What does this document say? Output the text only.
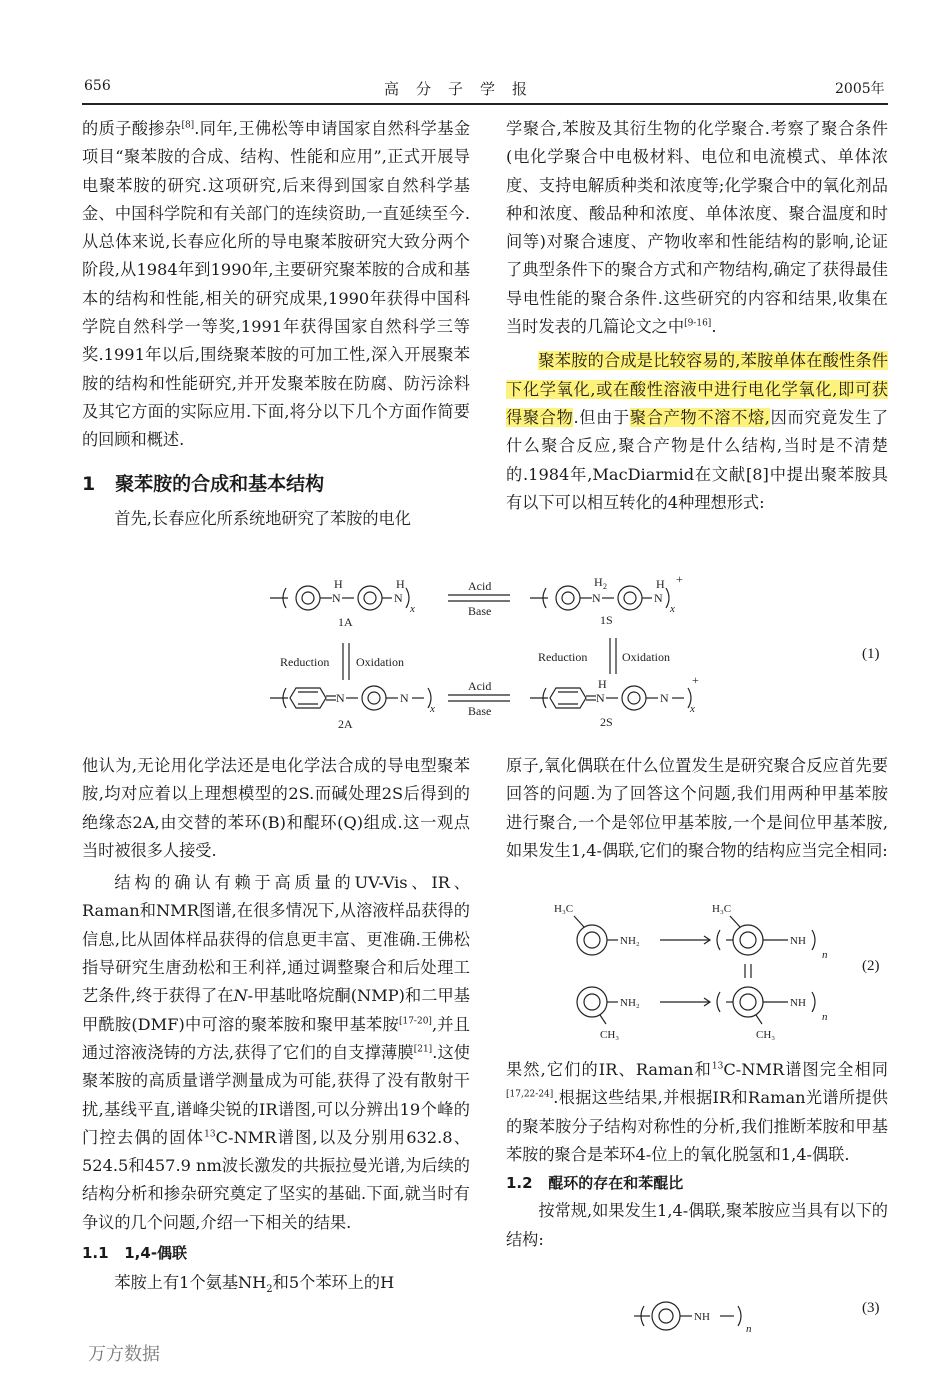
656	高　分　子　学　报	2005年

的质子酸掺杂[8].同年,王佛松等申请国家自然科学基金项目“聚苯胺的合成、结构、性能和应用”,正式开展导电聚苯胺的研究.这项研究,后来得到国家自然科学基金、中国科学院和有关部门的连续资助,一直延续至今.从总体来说,长春应化所的导电聚苯胺研究大致分两个阶段,从1984年到1990年,主要研究聚苯胺的合成和基本的结构和性能,相关的研究成果,1990年获得中国科学院自然科学一等奖,1991年获得国家自然科学三等奖.1991年以后,围绕聚苯胺的可加工性,深入开展聚苯胺的结构和性能研究,并开发聚苯胺在防腐、防污涂料及其它方面的实际应用.下面,将分以下几个方面作简要的回顾和概述.

1 聚苯胺的合成和基本结构

首先,长春应化所系统地研究了苯胺的电化

学聚合,苯胺及其衍生物的化学聚合.考察了聚合条件(电化学聚合中电极材料、电位和电流模式、单体浓度、支持电解质种类和浓度等;化学聚合中的氧化剂品种和浓度、酸品种和浓度、单体浓度、聚合温度和时间等)对聚合速度、产物收率和性能结构的影响,论证了典型条件下的聚合方式和产物结构,确定了获得最佳导电性能的聚合条件.这些研究的内容和结果,收集在当时发表的几篇论文之中[9-16].

聚苯胺的合成是比较容易的,苯胺单体在酸性条件下化学氧化,或在酸性溶液中进行电化学氧化,即可获得聚合物.但由于聚合产物不溶不熔,因而究竟发生了什么聚合反应,聚合产物是什么结构,当时是不清楚的.1984年,MacDiarmid在文献[8]中提出聚苯胺具有以下可以相互转化的4种理想形式:

N
H
N
H
x
Acid
Base
N
H 2
N
H
x
+
1A	1S
Reduction Oxidation	Reduction	Oxidation
N	N
x
Acid
Base
N
H
N
x
+
2A	2S
(1)

他认为,无论用化学法还是电化学法合成的导电型聚苯胺,均对应着以上理想模型的2S.而碱处理2S后得到的绝缘态2A,由交替的苯环(B)和醌环(Q)组成.这一观点当时被很多人接受.

结构的确认有赖于高质量的UV-Vis、IR、Raman和NMR图谱,在很多情况下,从溶液样品获得的信息,比从固体样品获得的信息更丰富、更准确.王佛松指导研究生唐劲松和王利祥,通过调整聚合和后处理工艺条件,终于获得了在N-甲基吡咯烷酮(NMP)和二甲基甲酰胺(DMF)中可溶的聚苯胺和聚甲基苯胺[17-20],并且通过溶液浇铸的方法,获得了它们的自支撑薄膜[21].这使聚苯胺的高质量谱学测量成为可能,获得了没有散射干扰,基线平直,谱峰尖锐的IR谱图,可以分辨出19个峰的门控去偶的固体$^{13}$C-NMR谱图,以及分别用632.8、524.5和457.9 nm波长激发的共振拉曼光谱,为后续的结构分析和掺杂研究奠定了坚实的基础.下面,就当时有争议的几个问题,介绍一下相关的结果.

1.1 1,4-偶联

苯胺上有1个氨基$NH_2$和5个苯环上的H

原子,氧化偶联在什么位置发生是研究聚合反应首先要回答的问题.为了回答这个问题,我们用两种甲基苯胺进行聚合,一个是邻位甲基苯胺,一个是间位甲基苯胺,如果发生1,4-偶联,它们的聚合物的结构应当完全相同:

H₃C
NH₂
H₃C
NH
n
NH₂
CH₃
NH
n
CH₃
(2)

果然,它们的IR、Raman和$^{13}$C-NMR谱图完全相同[17,22-24].根据这些结果,并根据IR和Raman光谱所提供的聚苯胺分子结构对称性的分析,我们推断苯胺和甲基苯胺的聚合是苯环4-位上的氧化脱氢和1,4-偶联.

1.2 醌环的存在和苯醌比

按常规,如果发生1,4-偶联,聚苯胺应当具有以下的结构:

NH
n
(3)
万方数据
